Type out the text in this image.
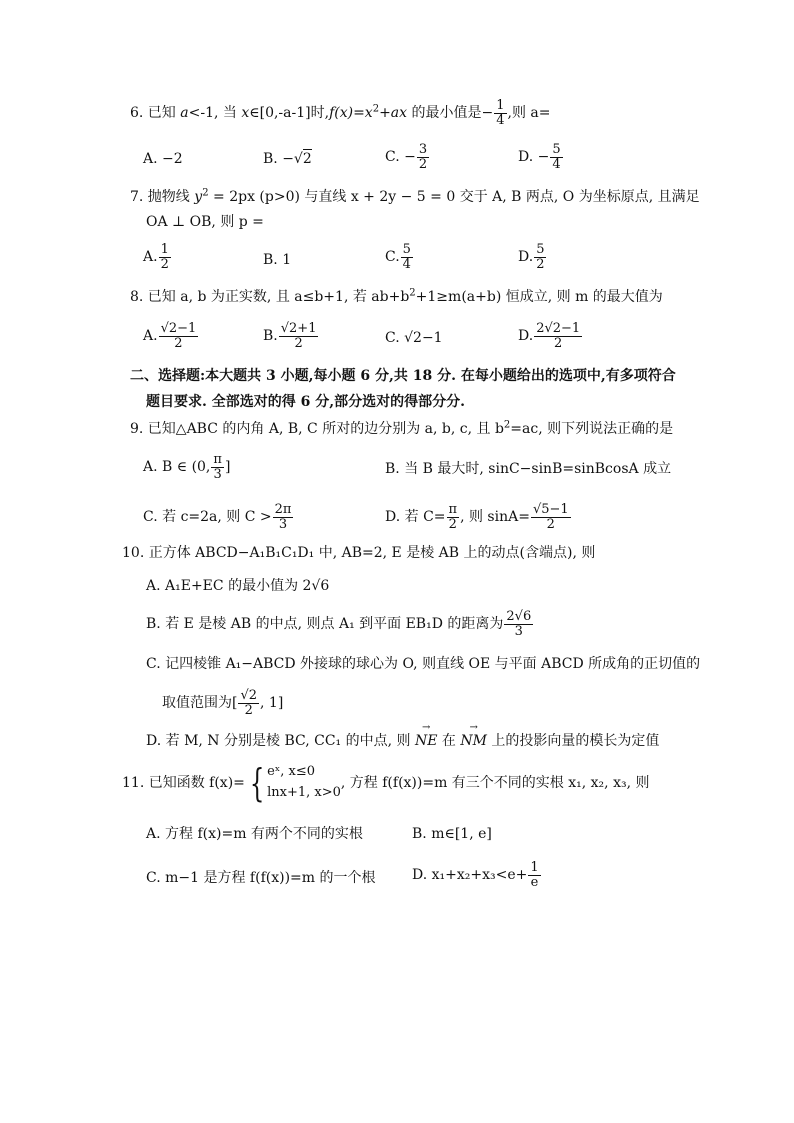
6. 已知 a<-1, 当 x∈[0,-a-1]时$,f(x)=x^2+ax$ 的最小值是− $\frac{1}{4}$ ,则 a=
A. −2	B. −√2	C. − $\frac{3}{2}$	D. − $\frac{5}{4}$
7. 抛物线 $y^2 = 2px$ (p>0) 与直线 x + 2y − 5 = 0 交于 A, B 两点, O 为坐标原点, 且满足
OA ⊥ OB, 则 p =
A. $\frac{1}{2}$	B. 1	C. $\frac{5}{4}$	D. $\frac{5}{2}$
8. 已知 a, b 为正实数, 且 a≤b+1, 若 $ab+b^2+1\ge m(a+b)$ 恒成立, 则 m 的最大值为
A. $\frac{√2-1}{2}$	B. $\frac{√2+1}{2}$	C. √2−1	D. $\frac{2√2-1}{2}$
二、选择题:本大题共 3 小题,每小题 6 分,共 18 分. 在每小题给出的选项中,有多项符合
题目要求. 全部选对的得 6 分,部分选对的得部分分.
9. 已知△ABC 的内角 A, B, C 所对的边分别为 a, b, c, 且 $b^2=ac$, 则下列说法正确的是
A. B ∈ (0, $\frac{\pi}{3}$ ]	B. 当 B 最大时, sinC−sinB=sinBcosA 成立
C. 若 c=2a, 则 $C > \frac{2\pi}{3}$	D. 若 $C= \frac{\pi}{2}$ , 则 $\sin A= \frac{√5-1}{2}$
10. 正方体 ABCD−A₁B₁C₁D₁ 中, AB=2, E 是棱 AB 上的动点(含端点), 则
A. A₁E+EC 的最小值为 2√6
B. 若 E 是棱 AB 的中点, 则点 A₁ 到平面 EB₁D 的距离为 $\frac{2√6}{3}$
C. 记四棱锥 A₁−ABCD 外接球的球心为 O, 则直线 OE 与平面 ABCD 所成角的正切值的
取值范围为[ $\frac{√2}{2}$ , 1]
D. 若 M, N 分别是棱 BC, CC₁ 的中点, 则 → NE 在 → NM 上的投影向量的模长为定值
11. 已知函数 f(x)= { eˣ, x≤0
lnx+1, x>0
, 方程 f(f(x))=m 有三个不同的实根 x₁, x₂, x₃, 则
A. 方程 f(x)=m 有两个不同的实根	B. m∈[1, e]
C. m−1 是方程 f(f(x))=m 的一个根	D. $x_1+x_2+x_3<e+ \frac{1}{e}$
